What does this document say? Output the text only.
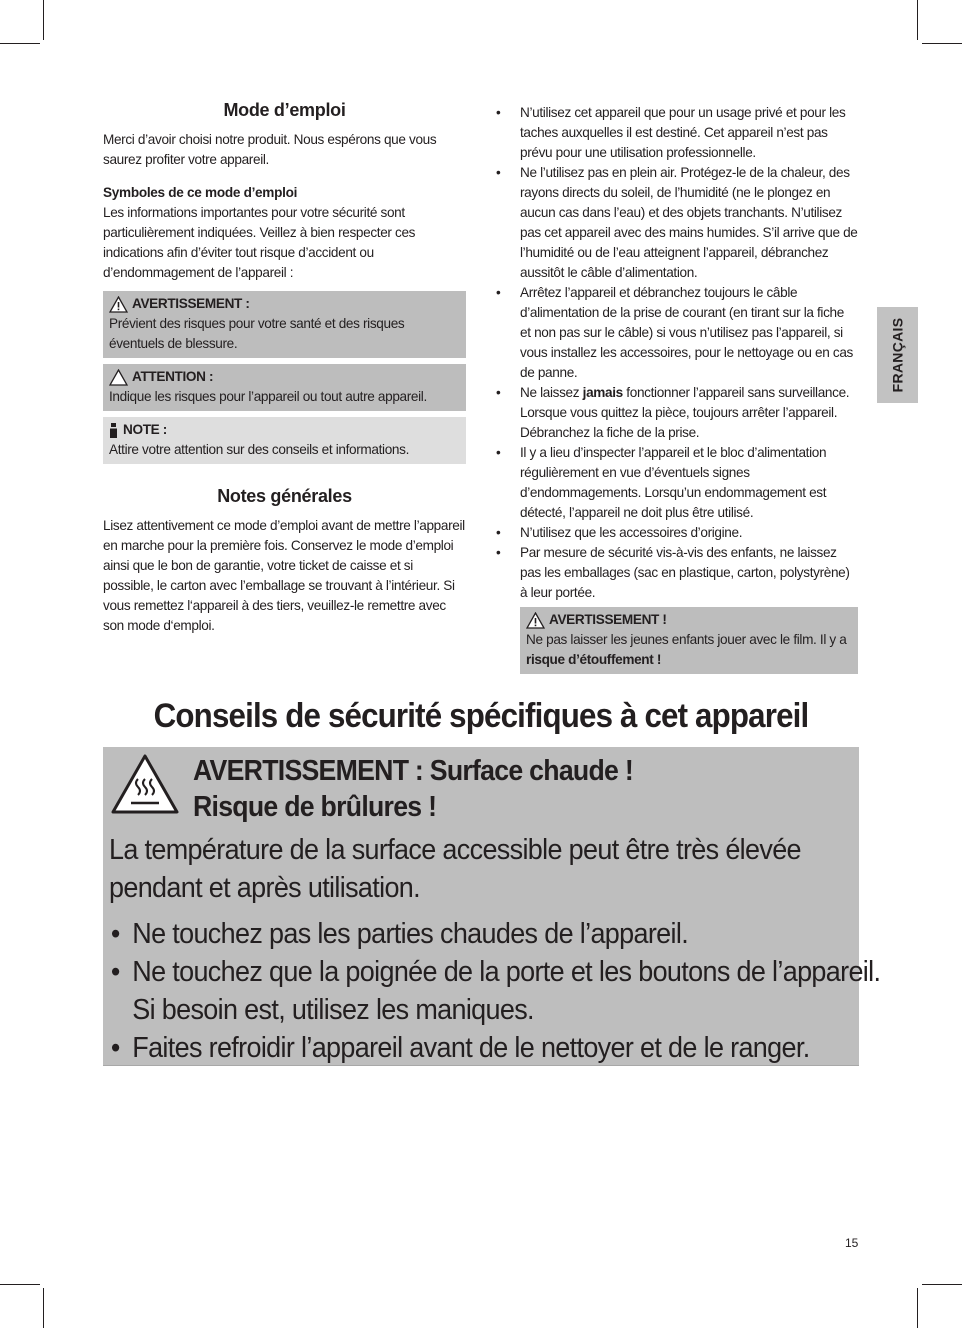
FRANÇAIS
Mode d’emploi

Merci d’avoir choisi notre produit. Nous espérons que vous saurez profiter votre appareil.

Symboles de ce mode d’emploi

Les informations importantes pour votre sécurité sont particulièrement indiquées. Veillez à bien respecter ces indications afin d’éviter tout risque d’accident ou d’endommagement de l’appareil :

AVERTISSEMENT :
Prévient des risques pour votre santé et des risques éventuels de blessure.
ATTENTION :
Indique les risques pour l’appareil ou tout autre appareil.
NOTE :
Attire votre attention sur des conseils et informations.
Notes générales

Lisez attentivement ce mode d’emploi avant de mettre l’appareil en marche pour la première fois. Conservez le mode d’emploi ainsi que le bon de garantie, votre ticket de caisse et si possible, le carton avec l’emballage se trouvant à l’intérieur. Si vous remettez l‘appareil à des tiers, veuillez-le remettre avec son mode d‘emploi.

• N’utilisez cet appareil que pour un usage privé et pour les taches auxquelles il est destiné. Cet appareil n’est pas prévu pour une utilisation professionnelle.
• Ne l’utilisez pas en plein air. Protégez-le de la chaleur, des rayons directs du soleil, de l’humidité (ne le plongez en aucun cas dans l’eau) et des objets tranchants. N’utilisez pas cet appareil avec des mains humides. S’il arrive que de l’humidité ou de l’eau atteignent l’appareil, débranchez aussitôt le câble d’alimentation.
• Arrêtez l’appareil et débranchez toujours le câble d’alimentation de la prise de courant (en tirant sur la fiche et non pas sur le câble) si vous n’utilisez pas l’appareil, si vous installez les accessoires, pour le nettoyage ou en cas de panne.
• Ne laissez jamais fonctionner l’appareil sans surveillance. Lorsque vous quittez la pièce, toujours arrêter l’appareil. Débranchez la fiche de la prise.
• Il y a lieu d’inspecter l’appareil et le bloc d’alimentation régulièrement en vue d’éventuels signes d’endommagements. Lorsqu’un endommagement est détecté, l’appareil ne doit plus être utilisé.
• N’utilisez que les accessoires d’origine.
• Par mesure de sécurité vis-à-vis des enfants, ne laissez pas les emballages (sac en plastique, carton, polystyrène) à leur portée.
AVERTISSEMENT !
Ne pas laisser les jeunes enfants jouer avec le film. Il y a risque d’étouffement !
Conseils de sécurité spécifiques à cet appareil
AVERTISSEMENT : Surface chaude !
Risque de brûlures !
La température de la surface accessible peut être très élevée
pendant et après utilisation.
• Ne touchez pas les parties chaudes de l’appareil.
• Ne touchez que la poignée de la porte et les boutons de l’appareil.
Si besoin est, utilisez les maniques.
• Faites refroidir l’appareil avant de le nettoyer et de le ranger.
15
